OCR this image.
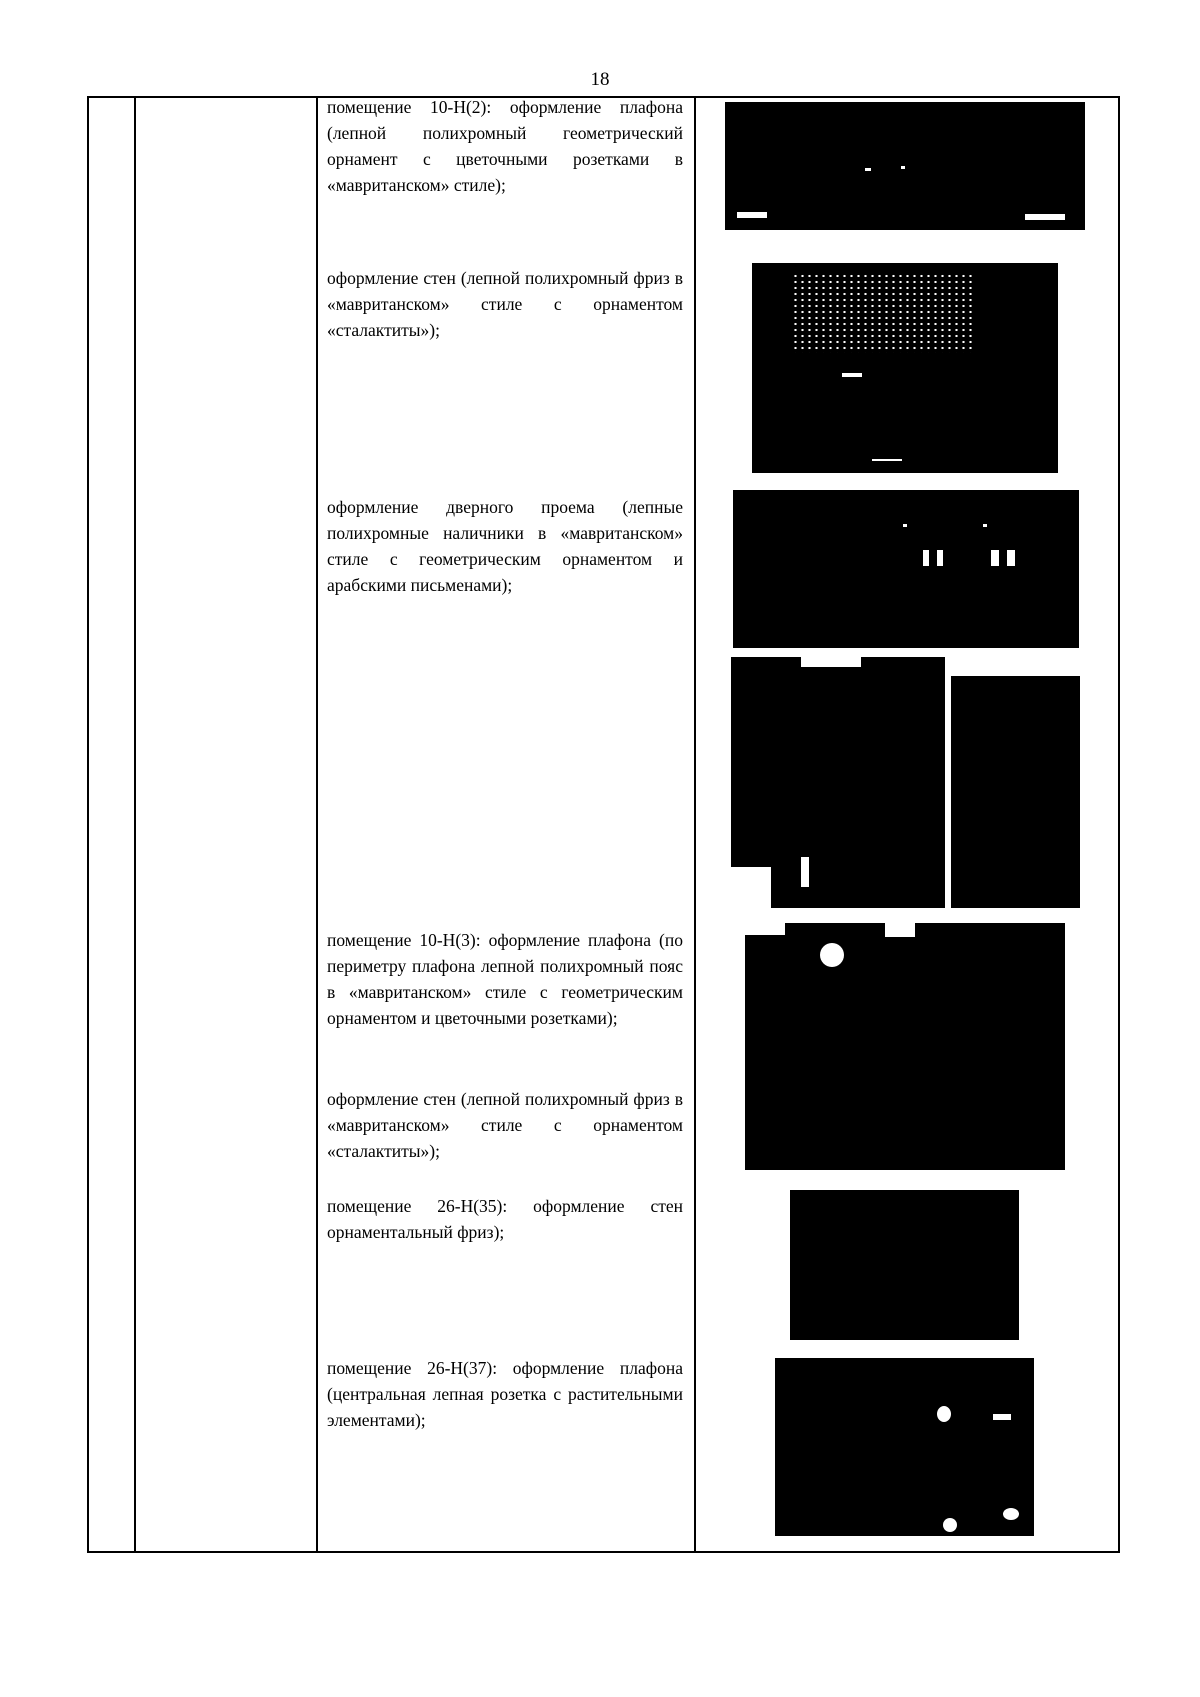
18

помещение 10-Н(2): оформление плафона (лепной полихромный геометрический орнамент с цветочными розетками в «мавританском» стиле);

оформление стен (лепной полихромный фриз в «мавританском» стиле с орнаментом «сталактиты»);

оформление дверного проема (лепные полихромные наличники в «мавританском» стиле с геометрическим орнаментом и арабскими письменами);

помещение 10-Н(3): оформление плафона (по периметру плафона лепной полихромный пояс в «мавританском» стиле с геометрическим орнаментом и цветочными розетками);

оформление стен (лепной полихромный фриз в «мавританском» стиле с орнаментом «сталактиты»);

помещение 26-Н(35): оформление стен орнаментальный фриз);

помещение 26-Н(37): оформление плафона (центральная лепная розетка с растительными элементами);
